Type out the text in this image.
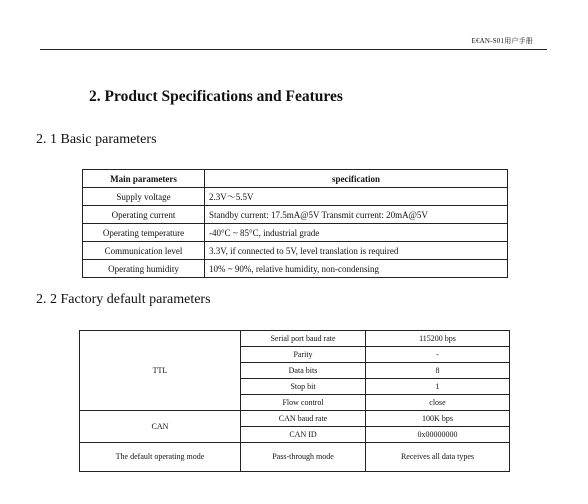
E€AN-S01用户手册
2. Product Specifications and Features
2. 1 Basic parameters
Main parameters	specification
Supply voltage	2.3V～5.5V
Operating current	Standby current: 17.5mA@5V Transmit current: 20mA@5V
Operating temperature	-40°C ~ 85°C, industrial grade
Communication level	3.3V, if connected to 5V, level translation is required
Operating humidity	10% ~ 90%, relative humidity, non-condensing
2. 2 Factory default parameters
TTL	Serial port baud rate	115200 bps
	Parity	-
	Data bits	8
	Stop bit	1
	Flow control	close
CAN	CAN baud rate	100K bps
	CAN ID	0x00000000
The default operating mode	Pass-through mode	Receives all data types
